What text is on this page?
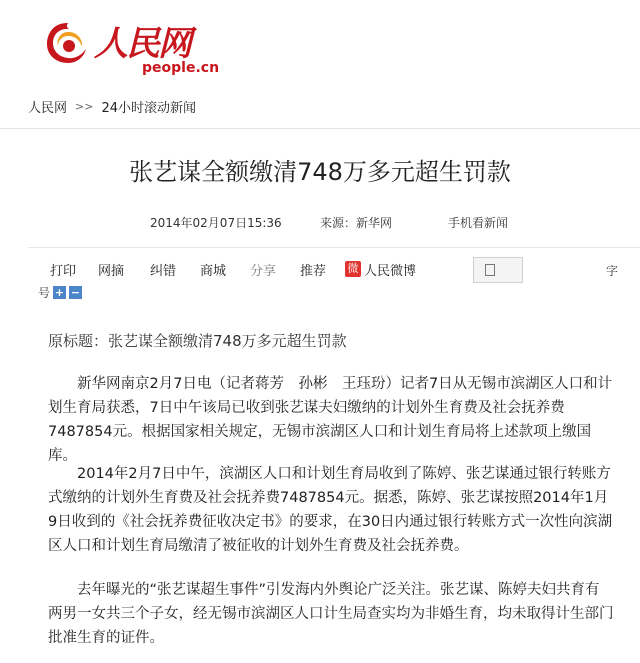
人民网
people.cn
人民网 >> 24小时滚动新闻
张艺谋全额缴清748万多元超生罚款
2014年02月07日15:36	来源：新华网	手机看新闻
打印 网摘 纠错 商城 分享 推荐 微 人民微博	字
号 + −
原标题：张艺谋全额缴清748万多元超生罚款

新华网南京2月7日电（记者蒋芳　孙彬　王珏玢）记者7日从无锡市滨湖区人口和计划生育局获悉，7日中午该局已收到张艺谋夫妇缴纳的计划外生育费及社会抚养费7487854元。根据国家相关规定，无锡市滨湖区人口和计划生育局将上述款项上缴国库。

2014年2月7日中午，滨湖区人口和计划生育局收到了陈婷、张艺谋通过银行转账方式缴纳的计划外生育费及社会抚养费7487854元。据悉，陈婷、张艺谋按照2014年1月9日收到的《社会抚养费征收决定书》的要求，在30日内通过银行转账方式一次性向滨湖区人口和计划生育局缴清了被征收的计划外生育费及社会抚养费。

去年曝光的“张艺谋超生事件”引发海内外舆论广泛关注。张艺谋、陈婷夫妇共育有两男一女共三个子女，经无锡市滨湖区人口计生局查实均为非婚生育，均未取得计生部门批准生育的证件。
